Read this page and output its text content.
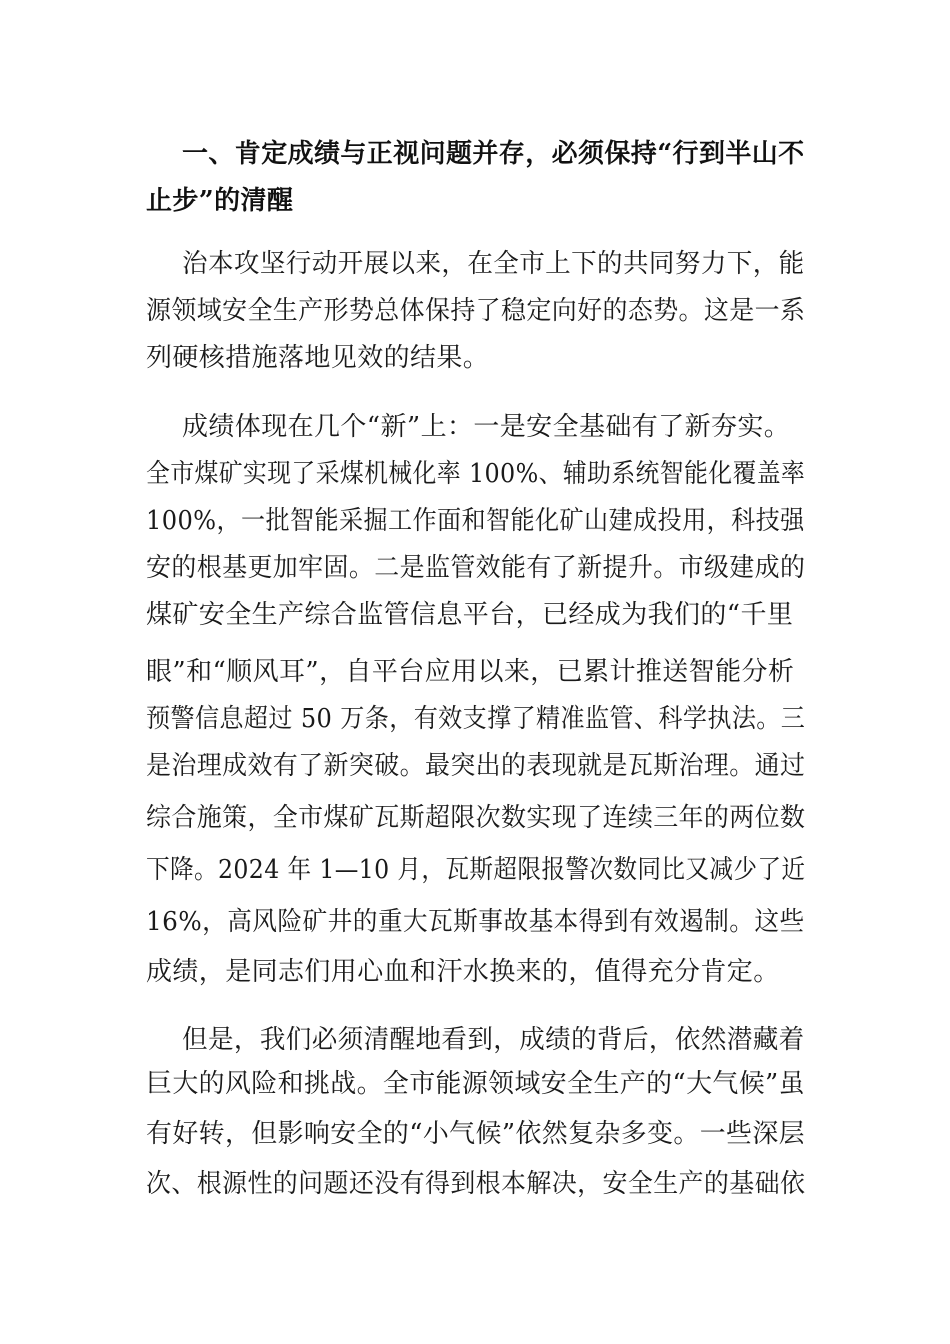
一、肯定成绩与正视问题并存，必须保持“行到半山不
止步”的清醒
治本攻坚行动开展以来，在全市上下的共同努力下，能
源领域安全生产形势总体保持了稳定向好的态势。这是一系
列硬核措施落地见效的结果。
成绩体现在几个“新”上：一是安全基础有了新夯实。
全市煤矿实现了采煤机械化率 100%、辅助系统智能化覆盖率
100%，一批智能采掘工作面和智能化矿山建成投用，科技强
安的根基更加牢固。二是监管效能有了新提升。市级建成的
煤矿安全生产综合监管信息平台，已经成为我们的“千里
眼”和“顺风耳”，自平台应用以来，已累计推送智能分析
预警信息超过 50 万条，有效支撑了精准监管、科学执法。三
是治理成效有了新突破。最突出的表现就是瓦斯治理。通过
综合施策，全市煤矿瓦斯超限次数实现了连续三年的两位数
下降。2024 年 1—10 月，瓦斯超限报警次数同比又减少了近
16%，高风险矿井的重大瓦斯事故基本得到有效遏制。这些
成绩，是同志们用心血和汗水换来的，值得充分肯定。
但是，我们必须清醒地看到，成绩的背后，依然潜藏着
巨大的风险和挑战。全市能源领域安全生产的“大气候”虽
有好转，但影响安全的“小气候”依然复杂多变。一些深层
次、根源性的问题还没有得到根本解决，安全生产的基础依
